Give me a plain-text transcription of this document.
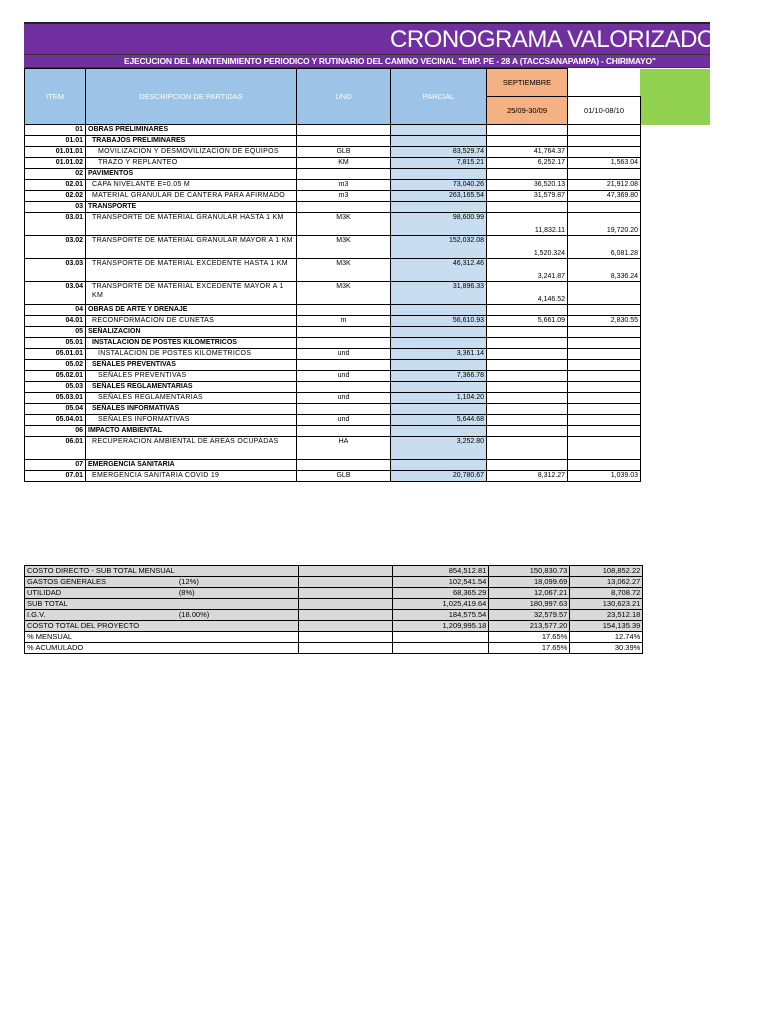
CRONOGRAMA VALORIZADO
EJECUCION DEL MANTENIMIENTO PERIODICO Y RUTINARIO DEL CAMINO VECINAL "EMP. PE - 28 A (TACCSANAPAMPA) - CHIRIMAYO"
ITEM	DESCRIPCION DE PARTIDAS	UND	PARCIAL	SEPTIEMBRE	
				25/09-30/09	01/10-08/10
01	OBRAS PRELIMINARES				
01.01	TRABAJOS PRELIMINARES				
01.01.01	MOVILIZACIÓN Y DESMOVILIZACIÓN DE EQUIPOS	GLB	83,529.74	41,764.37	
01.01.02	TRAZO Y REPLANTEO	KM	7,815.21	6,252.17	1,563.04
02	PAVIMENTOS				
02.01	CAPA NIVELANTE E=0.05 M	m3	73,040.26	36,520.13	21,912.08
02.02	MATERIAL GRANULAR DE CANTERA PARA AFIRMADO	m3	263,165.54	31,579.87	47,369.80
03	TRANSPORTE				
03.01	TRANSPORTE DE MATERIAL GRANULAR HASTA 1 KM	M3K	98,600.99	11,832.11	19,720.20
03.02	TRANSPORTE DE MATERIAL GRANULAR MAYOR A 1 KM	M3K	152,032.08	1,520.324	6,081.28
03.03	TRANSPORTE DE MATERIAL EXCEDENTE HASTA 1 KM	M3K	46,312.46	3,241.87	8,336.24
03.04	TRANSPORTE DE MATERIAL EXCEDENTE MAYOR A 1 KM	M3K	31,896.33	4,146.52	
04	OBRAS DE ARTE Y DRENAJE				
04.01	RECONFORMACION DE CUNETAS	m	56,610.93	5,661.09	2,830.55
05	SEÑALIZACION				
05.01	INSTALACION DE POSTES KILOMETRICOS				
05.01.01	INSTALACION DE POSTES KILOMETRICOS	und	3,361.14		
05.02	SEÑALES PREVENTIVAS				
05.02.01	SEÑALES PREVENTIVAS	und	7,366.78		
05.03	SEÑALES REGLAMENTARIAS				
05.03.01	SEÑALES REGLAMENTARIAS	und	1,104.20		
05.04	SEÑALES INFORMATIVAS				
05.04.01	SEÑALES INFORMATIVAS	und	5,644.68		
06	IMPACTO AMBIENTAL				
06.01	RECUPERACION AMBIENTAL DE AREAS OCUPADAS	HA	3,252.80		
07	EMERGENCIA SANITARIA				
07.01	EMERGENCIA SANITARIA COVID 19	GLB	20,780.67	8,312.27	1,039.03
COSTO DIRECTO - SUB TOTAL MENSUAL			854,512.81	150,830.73	108,852.22
GASTOS GENERALES	(12%)		102,541.54	18,099.69	13,062.27
UTILIDAD	(8%)		68,365.29	12,067.21	8,708.72
SUB TOTAL			1,025,419.64	180,997.63	130,623.21
I.G.V.	(18.00%)		184,575.54	32,579.57	23,512.18
COSTO TOTAL DEL PROYECTO			1,209,995.18	213,577.20	154,135.39
% MENSUAL				17.65%	12.74%
% ACUMULADO				17.65%	30.39%
